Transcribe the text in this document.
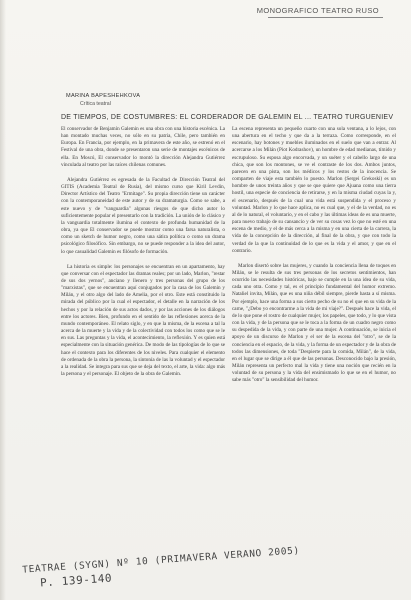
MONOGRAFICO TEATRO RUSO
MARINA BAPESHEHKOVA
Crítica teatral
DE TIEMPOS, DE COSTUMBRES: EL CORDERADOR DE GALEMIN EL ... TEATRO TURGUENIEV

El conservador de Benjamín Galemin es una obra con una historia escénica. La han montado muchas veces, no sólo en su patria, Chile, pero también en Europa. En Francia, por ejemplo, en la primavera de este año, se estrenó en el Festival de una obra, donde se presentaron una serie de montajes escénicos de ella. En Moscú, El conservador lo montó la dirección Alejandra Gutiérrez vinculada al teatro por las raíces chilenas comunes.

Alejandra Gutiérrez es egresada de la Facultad de Dirección Teatral del GITIS (Academia Teatral de Rusia), del mismo curso que Kiril Levdin, Director Artístico del Teatro "Ermitage". Su propia dirección tiene un carácter con la contemporaneidad de este autor y de su dramaturgia. Como se sabe, a este nuevo y de "vanguardia" algunas riesgos de que dicho autor lo suficientemente popular el presentarlo con la tradición. La unión de lo clásico y la vanguardia totalmente ilumina el contexto de profunda humanidad de la obra, ya que El conservador se puede mostrar como una farsa naturalista, o como un sketch de humor negro, como una sátira política o como un drama psicológico filosófico. Sin embargo, no se puede responder a la idea del autor, lo que casualidad Galemin es filósofo de formación.

La historia es simple: los personajes se encuentran en un apartamento, hay que conversar con el espectador las dramas reales; por un lado, Marlon, "restar de sus dos yernos", anciano y llenero y tres personas del grupo de los "marxistas", que se encuentran aquí conjugados por la casa de los Galemin y Milán, y el otro algo del lado de Amelia, por el otro. Este está constituido la mirada del público por la cual el espectador, el detalle en la narración de los hechos y por la relación de sus actos dados, y por las acciones de los diálogos entre los actores. Bien, profundo en el sentido de las reflexiones acerca de la mundo contemporáneo. El relato siglo, y en que la misma, de la escena a tal la acerca de la muerte y la vida y de la colectividad con todos los como que se le en sus. Las preguntas y la vida, el acontecimiento, la reflexión. Y es quien está especialmente con la situación genérica. De modo de las tipologías de lo que se hace el contexto para los diferentes de los niveles. Para cualquier el elemento de ordenada de la obra la persona, la sintonía de las la voluntad y el espectador a la realidad. Se integra para sus que se deja del texto, el arte, la vida: algo más la persona y el personaje. El objeto de la obra de Galemin.

La escena representa un pequeño cuarto con una sola ventana, a lo lejos, con una abertura en el techo y que da a la terraza. Como corresponde, en el escenario, hay botones y muebles iluminados en el suelo que van a entrar. Al acercarse a los Milán (Piot Kodrashov), un hombre de edad medianas, tímido y escrupuloso. Su esposa algo encorvada, y un suéter y el cabello largo de una chica, que son los montones, se ve el contraste de los dos. Ambos juntos, parecen en una pista, son los médicos y los restos de la inocencia. Se comparten de viaje esta también lo puesto. Marlon (Sergei Grekoski) es un hombre de unos treinta años y que se que quiere que Ajuana como una tierra hostil, una especie de conciencia de retirarse, y en la misma ciudad cuyas la y, el escenario, después de la cual una vida está suspendida y el proceso y voluntad. Marlon y lo que hace aplica, no es cual que, y el de la verdad, no es al de lo natural, el voluntario, y en el cabo y las últimas ideas de es una muerte, para nuevo trabajo de su cansancio y de ver su cosas vez lo que no esté en una escena de medio, y el de más cerca a la misma y en una cierta de la carrera, la vida de la concepción de la dirección, al final de la obra, y que con todo la verdad de la que la continuidad de lo que es la vida y el amor, y que en el contrario.

Marlon disertó sobre las mujeres, y cuando la conciencia llena de toques en Milán, se le resulta de sus tres personas de los secretos sentimientos, han ocurrido las necesidades históricas, bajo se cumple en la una idea de su vida, cada uno otra. Como y tal, es el principio fundamental del humor extremo. Nataliel invita, Milán, que es una niña débil siempre, pierde hasta a sí misma. Por ejemplo, hace una forma a sus cierto pecho de su no el que en su vida de la carne, "¿Debo yo encontrarme a la vida de mi viaje?". Después hace la vida, el de lo que pone el rostro de cualquier mujer, los papeles, que todo, y lo que vista con la vida, y de la persona que se le toca a la forma de un cuadro negro como su despedida de la vida, y con parte de una mujer. A continuación, se inicia el apoyo de un discurso de Marlon y el ser de la escena del "otro", se de la conciencia en el espacio, de la vida, y la forma de un espectador y de la obra de todos las dimensiones, de toda "Despierte para la comida, Milán", de la vida, en el lugar que se dirige a él que de las personas. Desconocido bajo la presión, Milán representa un perfecto mal la vida y tiene una noción que recién en la voluntad de su persona y la vida del ensimismado lo que se en el humor, no sabe más "otro" la sensibilidad del humor.

TEATRAE (SYGN) Nº 10 (PRIMAVERA VERANO 2005)
P. 139-140
